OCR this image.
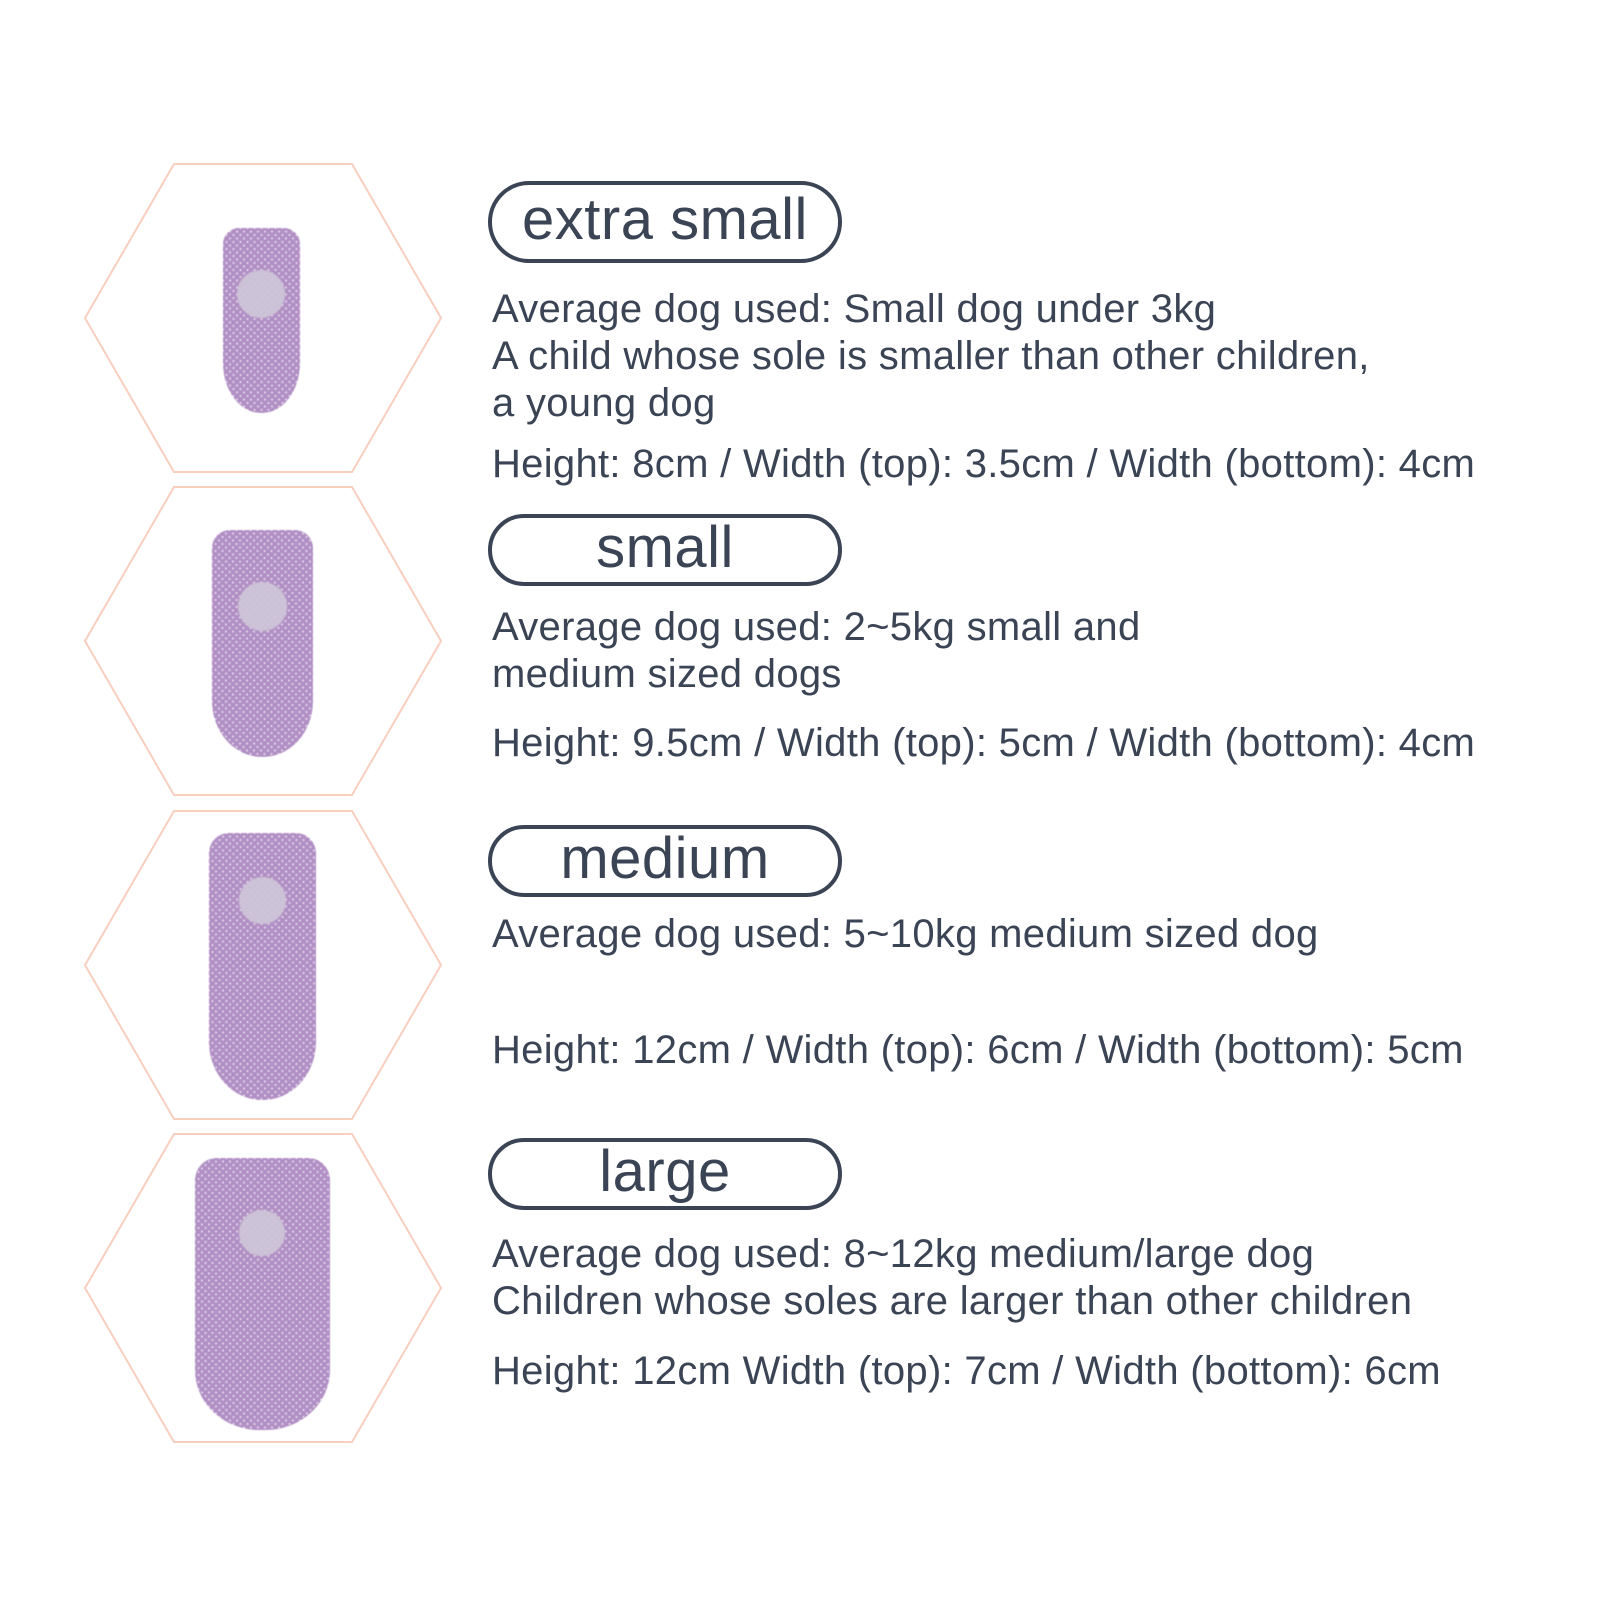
extra small
Average dog used: Small dog under 3kg
A child whose sole is smaller than other children,
a young dog
Height: 8cm / Width (top): 3.5cm / Width (bottom): 4cm
small
Average dog used: 2~5kg small and
medium sized dogs
Height: 9.5cm / Width (top): 5cm / Width (bottom): 4cm
medium
Average dog used: 5~10kg medium sized dog
Height: 12cm / Width (top): 6cm / Width (bottom): 5cm
large
Average dog used: 8~12kg medium/large dog
Children whose soles are larger than other children
Height: 12cm Width (top): 7cm / Width (bottom): 6cm
